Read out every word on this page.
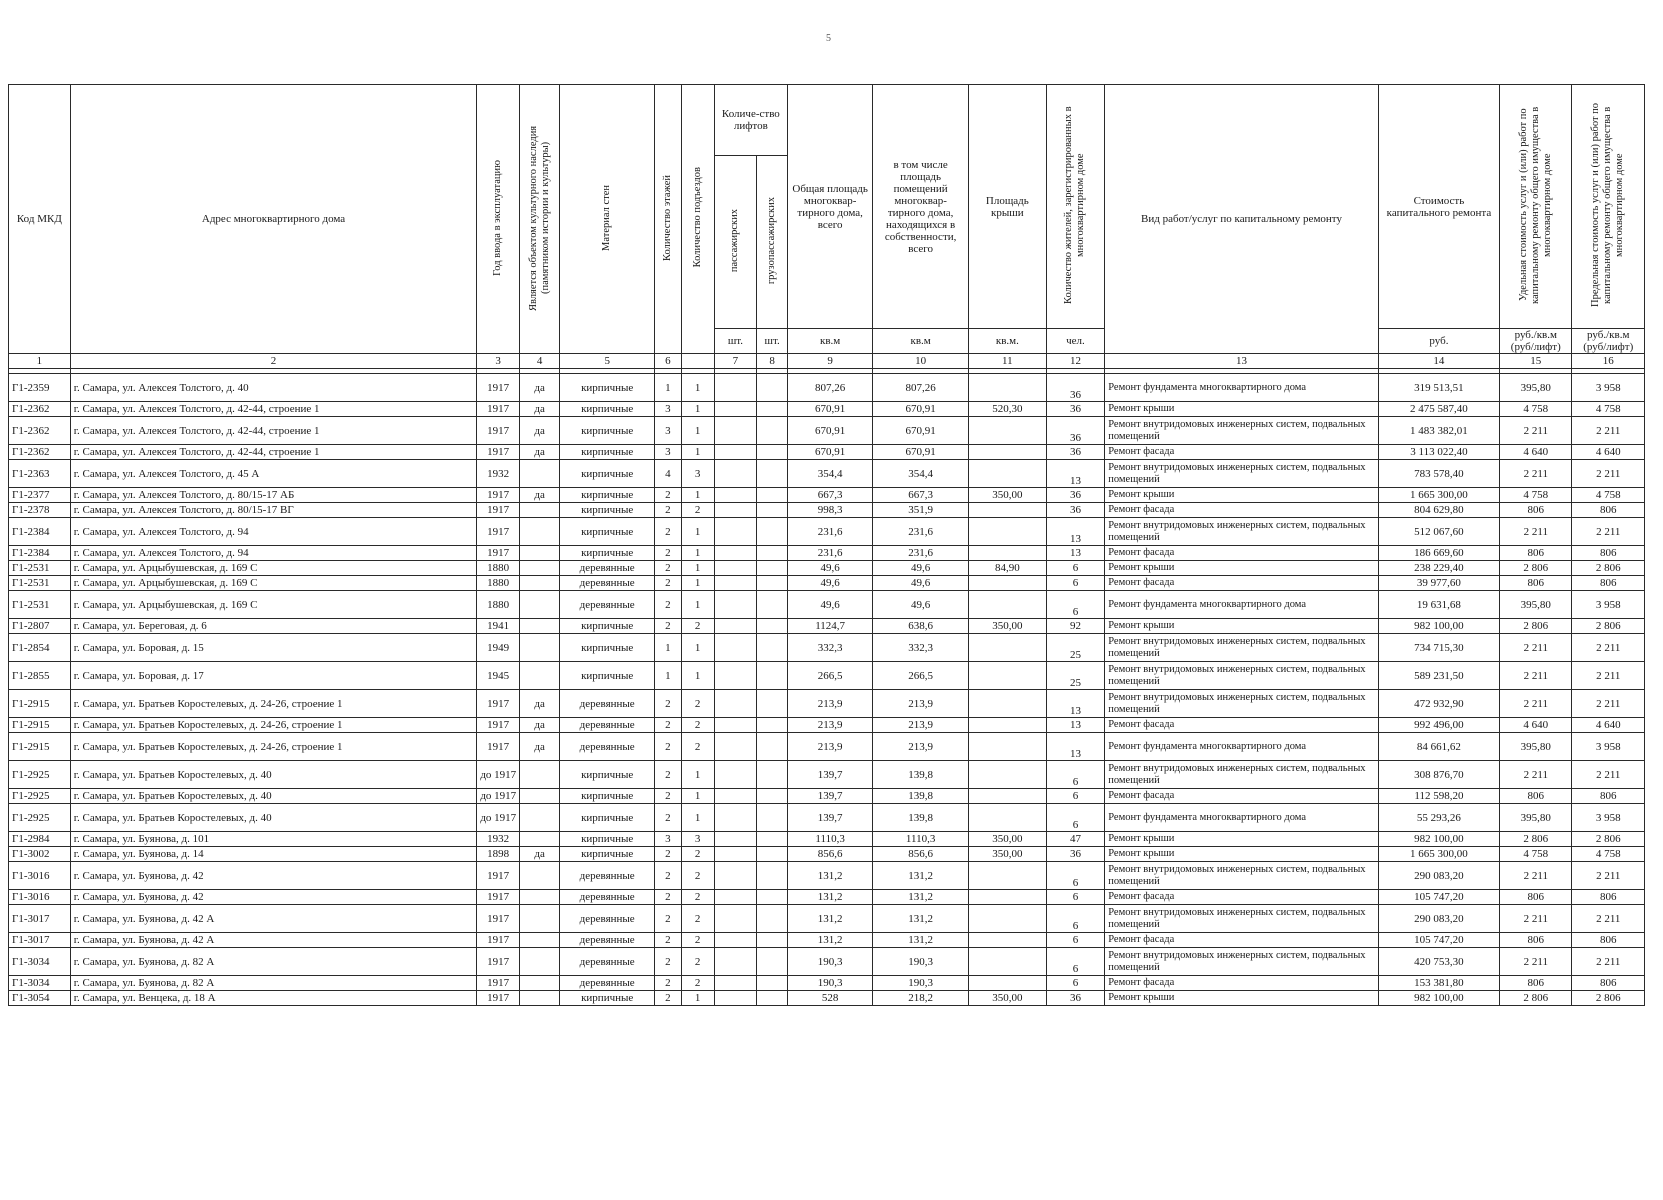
5
Код МКД	Адрес многоквартирного дома	Год ввода в эксплуатацию	Является объектом культурного наследия (памятником истории и культуры)	Материал стен	Количество этажей	Количество подъездов	Количе-ство лифтов		Общая площадь многоквар-тирного дома, всего	в том числе площадь помещений многоквар-тирного дома, находящихся в собственности, всего	Площадь крыши	Количество жителей, зарегистрированных в многоквартирном доме	Вид работ/услуг по капитальному ремонту	Стоимость капитального ремонта	Удельная стоимость услуг и (или) работ по капитальному ремонту общего имущества в многоквартирном доме	Предельная стоимость услуг и (или) работ по капитальному ремонту общего имущества в многоквартирном доме
							пассажирских	грузопассажирских								
							шт.	шт.	кв.м	кв.м	кв.м.	чел.		руб.	руб./кв.м (руб/лифт)	руб./кв.м (руб/лифт)
1	2	3	4	5	6		7	8	9	10	11	12	13	14	15	16

Г1-2359	г. Самара, ул. Алексея Толстого, д. 40	1917	да	кирпичные	1	1			807,26	807,26		36	Ремонт фундамента многоквартирного дома	319 513,51	395,80	3 958
Г1-2362	г. Самара, ул. Алексея Толстого, д. 42-44, строение 1	1917	да	кирпичные	3	1			670,91	670,91	520,30	36	Ремонт крыши	2 475 587,40	4 758	4 758
Г1-2362	г. Самара, ул. Алексея Толстого, д. 42-44, строение 1	1917	да	кирпичные	3	1			670,91	670,91		36	Ремонт внутридомовых инженерных систем, подвальных помещений	1 483 382,01	2 211	2 211
Г1-2362	г. Самара, ул. Алексея Толстого, д. 42-44, строение 1	1917	да	кирпичные	3	1			670,91	670,91		36	Ремонт фасада	3 113 022,40	4 640	4 640
Г1-2363	г. Самара, ул. Алексея Толстого, д. 45 А	1932		кирпичные	4	3			354,4	354,4		13	Ремонт внутридомовых инженерных систем, подвальных помещений	783 578,40	2 211	2 211
Г1-2377	г. Самара, ул. Алексея Толстого, д. 80/15-17 АБ	1917	да	кирпичные	2	1			667,3	667,3	350,00	36	Ремонт крыши	1 665 300,00	4 758	4 758
Г1-2378	г. Самара, ул. Алексея Толстого, д. 80/15-17 ВГ	1917		кирпичные	2	2			998,3	351,9		36	Ремонт фасада	804 629,80	806	806
Г1-2384	г. Самара, ул. Алексея Толстого, д. 94	1917		кирпичные	2	1			231,6	231,6		13	Ремонт внутридомовых инженерных систем, подвальных помещений	512 067,60	2 211	2 211
Г1-2384	г. Самара, ул. Алексея Толстого, д. 94	1917		кирпичные	2	1			231,6	231,6		13	Ремонт фасада	186 669,60	806	806
Г1-2531	г. Самара, ул. Арцыбушевская, д. 169 С	1880		деревянные	2	1			49,6	49,6	84,90	6	Ремонт крыши	238 229,40	2 806	2 806
Г1-2531	г. Самара, ул. Арцыбушевская, д. 169 С	1880		деревянные	2	1			49,6	49,6		6	Ремонт фасада	39 977,60	806	806
Г1-2531	г. Самара, ул. Арцыбушевская, д. 169 С	1880		деревянные	2	1			49,6	49,6		6	Ремонт фундамента многоквартирного дома	19 631,68	395,80	3 958
Г1-2807	г. Самара, ул. Береговая, д. 6	1941		кирпичные	2	2			1124,7	638,6	350,00	92	Ремонт крыши	982 100,00	2 806	2 806
Г1-2854	г. Самара, ул. Боровая, д. 15	1949		кирпичные	1	1			332,3	332,3		25	Ремонт внутридомовых инженерных систем, подвальных помещений	734 715,30	2 211	2 211
Г1-2855	г. Самара, ул. Боровая, д. 17	1945		кирпичные	1	1			266,5	266,5		25	Ремонт внутридомовых инженерных систем, подвальных помещений	589 231,50	2 211	2 211
Г1-2915	г. Самара, ул. Братьев Коростелевых, д. 24-26, строение 1	1917	да	деревянные	2	2			213,9	213,9		13	Ремонт внутридомовых инженерных систем, подвальных помещений	472 932,90	2 211	2 211
Г1-2915	г. Самара, ул. Братьев Коростелевых, д. 24-26, строение 1	1917	да	деревянные	2	2			213,9	213,9		13	Ремонт фасада	992 496,00	4 640	4 640
Г1-2915	г. Самара, ул. Братьев Коростелевых, д. 24-26, строение 1	1917	да	деревянные	2	2			213,9	213,9		13	Ремонт фундамента многоквартирного дома	84 661,62	395,80	3 958
Г1-2925	г. Самара, ул. Братьев Коростелевых, д. 40	до 1917		кирпичные	2	1			139,7	139,8		6	Ремонт внутридомовых инженерных систем, подвальных помещений	308 876,70	2 211	2 211
Г1-2925	г. Самара, ул. Братьев Коростелевых, д. 40	до 1917		кирпичные	2	1			139,7	139,8		6	Ремонт фасада	112 598,20	806	806
Г1-2925	г. Самара, ул. Братьев Коростелевых, д. 40	до 1917		кирпичные	2	1			139,7	139,8		6	Ремонт фундамента многоквартирного дома	55 293,26	395,80	3 958
Г1-2984	г. Самара, ул. Буянова, д. 101	1932		кирпичные	3	3			1110,3	1110,3	350,00	47	Ремонт крыши	982 100,00	2 806	2 806
Г1-3002	г. Самара, ул. Буянова, д. 14	1898	да	кирпичные	2	2			856,6	856,6	350,00	36	Ремонт крыши	1 665 300,00	4 758	4 758
Г1-3016	г. Самара, ул. Буянова, д. 42	1917		деревянные	2	2			131,2	131,2		6	Ремонт внутридомовых инженерных систем, подвальных помещений	290 083,20	2 211	2 211
Г1-3016	г. Самара, ул. Буянова, д. 42	1917		деревянные	2	2			131,2	131,2		6	Ремонт фасада	105 747,20	806	806
Г1-3017	г. Самара, ул. Буянова, д. 42 А	1917		деревянные	2	2			131,2	131,2		6	Ремонт внутридомовых инженерных систем, подвальных помещений	290 083,20	2 211	2 211
Г1-3017	г. Самара, ул. Буянова, д. 42 А	1917		деревянные	2	2			131,2	131,2		6	Ремонт фасада	105 747,20	806	806
Г1-3034	г. Самара, ул. Буянова, д. 82 А	1917		деревянные	2	2			190,3	190,3		6	Ремонт внутридомовых инженерных систем, подвальных помещений	420 753,30	2 211	2 211
Г1-3034	г. Самара, ул. Буянова, д. 82 А	1917		деревянные	2	2			190,3	190,3		6	Ремонт фасада	153 381,80	806	806
Г1-3054	г. Самара, ул. Венцека, д. 18 А	1917		кирпичные	2	1			528	218,2	350,00	36	Ремонт крыши	982 100,00	2 806	2 806
